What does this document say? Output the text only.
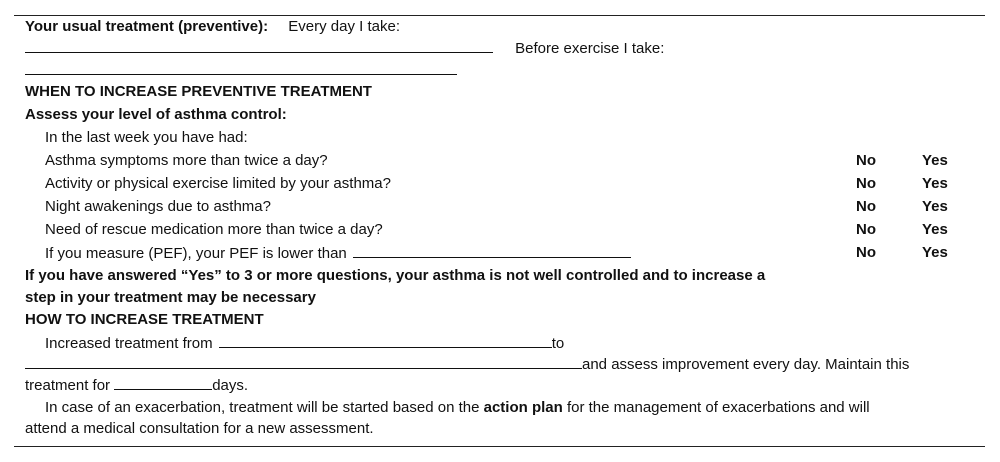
Your usual treatment (preventive): Every day I take:
Before exercise I take:
WHEN TO INCREASE PREVENTIVE TREATMENT
Assess your level of asthma control:
In the last week you have had:
Asthma symptoms more than twice a day?	No	Yes
Activity or physical exercise limited by your asthma?	No	Yes
Night awakenings due to asthma?	No	Yes
Need of rescue medication more than twice a day?	No	Yes
If you measure (PEF), your PEF is lower than	No	Yes
If you have answered “Yes” to 3 or more questions, your asthma is not well controlled and to increase a
step in your treatment may be necessary
HOW TO INCREASE TREATMENT
Increased treatment from	to
and assess improvement every day. Maintain this
treatment for	days.
In case of an exacerbation, treatment will be started based on the action plan for the management of exacerbations and will
attend a medical consultation for a new assessment.
